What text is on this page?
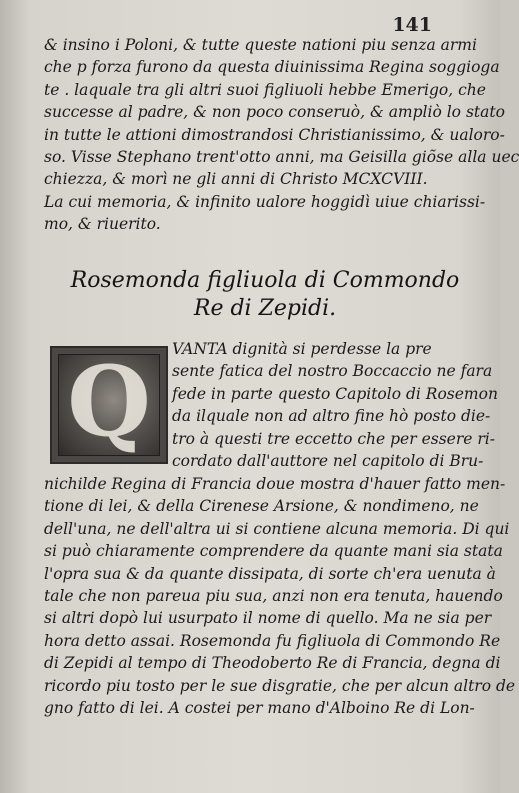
141
& insino i Poloni, & tutte queste nationi piu senza armi
che p forza furono da questa diuinissima Regina soggioga
te . laquale tra gli altri suoi figliuoli hebbe Emerigo, che
successe al padre, & non poco conseruò, & ampliò lo stato
in tutte le attioni dimostrandosi Christianissimo, & ualoro-
so. Visse Stephano trent'otto anni, ma Geisilla giõse alla uec
chiezza, & morì ne gli anni di Christo MCXCVIII.
La cui memoria, & infinito ualore hoggidì uiue chiarissi-
mo, & riuerito.
Rosemonda figliuola di Commondo
Re di Zepidi.
Q	VANTA dignità si perdesse la pre
sente fatica del nostro Boccaccio ne fara
fede in parte questo Capitolo di Rosemon
da ilquale non ad altro fine hò posto die-
tro à questi tre eccetto che per essere ri-
cordato dall'auttore nel capitolo di Bru-
nichilde Regina di Francia doue mostra d'hauer fatto men-
tione di lei, & della Cirenese Arsione, & nondimeno, ne
dell'una, ne dell'altra ui si contiene alcuna memoria. Di qui
si può chiaramente comprendere da quante mani sia stata
l'opra sua & da quante dissipata, di sorte ch'era uenuta à
tale che non pareua piu sua, anzi non era tenuta, hauendo
si altri dopò lui usurpato il nome di quello. Ma ne sia per
hora detto assai. Rosemonda fu figliuola di Commondo Re
di Zepidi al tempo di Theodoberto Re di Francia, degna di
ricordo piu tosto per le sue disgratie, che per alcun altro de
gno fatto di lei. A costei per mano d'Alboino Re di Lon-
